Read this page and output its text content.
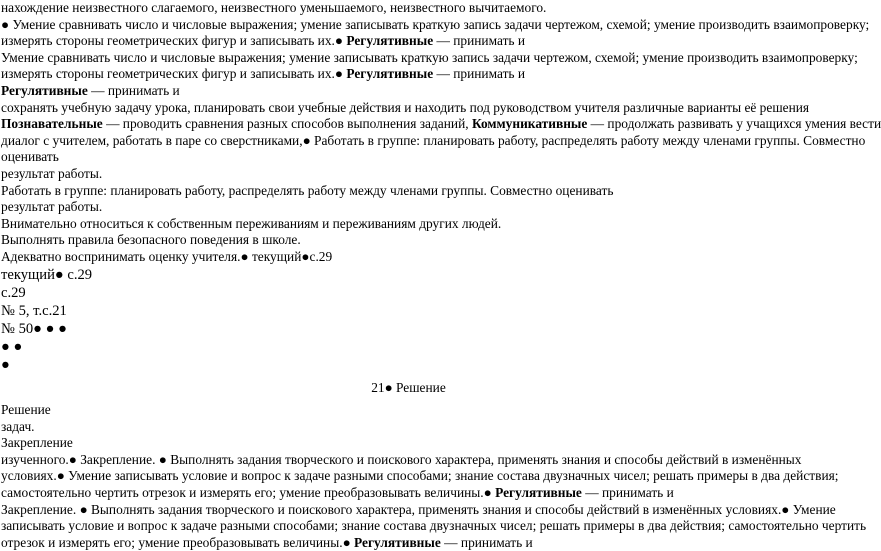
нахождение неизвестного слагаемого, неизвестного уменьшаемого, неизвестного вычитаемого.

● Умение сравнивать число и числовые выражения; умение записывать краткую запись задачи чертежом, схемой; умение производить взаимопроверку;

измерять стороны геометрических фигур и записывать их.● Регулятивные — принимать и

Умение сравнивать число и числовые выражения; умение записывать краткую запись задачи чертежом, схемой; умение производить взаимопроверку;

измерять стороны геометрических фигур и записывать их.● Регулятивные — принимать и

Регулятивные — принимать и

сохранять учебную задачу урока, планировать свои учебные действия и находить под руководством учителя различные варианты её решения

Познавательные — проводить сравнения разных способов выполнения заданий, Коммуникативные — продолжать развивать у учащихся умения вести

диалог с учителем, работать в паре со сверстниками,● Работать в группе: планировать работу, распределять работу между членами группы. Совместно

оценивать

результат работы.

Работать в группе: планировать работу, распределять работу между членами группы. Совместно оценивать

результат работы.

Внимательно относиться к собственным переживаниям и переживаниям других людей.

Выполнять правила безопасного поведения в школе.

Адекватно воспринимать оценку учителя.● текущий●с.29

текущий● с.29

с.29

№ 5, т.с.21

№ 50● ● ●

● ●

●

21● Решение

Решение

задач.

Закрепление

изученного.● Закрепление. ● Выполнять задания творческого и поискового характера, применять знания и способы действий в изменённых

условиях.● Умение записывать условие и вопрос к задаче разными способами; знание состава двузначных чисел; решать примеры в два действия;

самостоятельно чертить отрезок и измерять его; умение преобразовывать величины.● Регулятивные — принимать и

Закрепление. ● Выполнять задания творческого и поискового характера, применять знания и способы действий в изменённых условиях.● Умение

записывать условие и вопрос к задаче разными способами; знание состава двузначных чисел; решать примеры в два действия; самостоятельно чертить

отрезок и измерять его; умение преобразовывать величины.● Регулятивные — принимать и
